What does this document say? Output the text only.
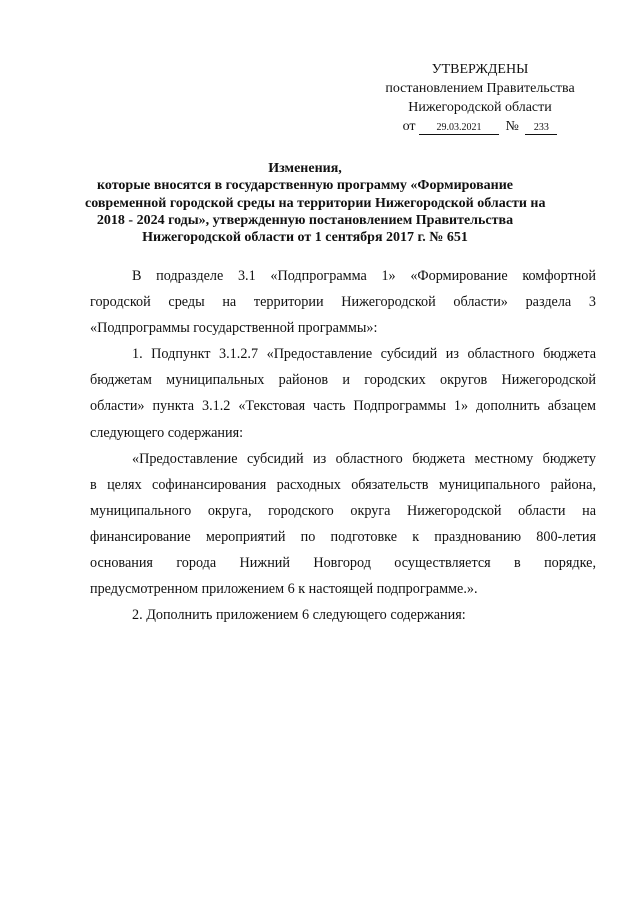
УТВЕРЖДЕНЫ
постановлением Правительства
Нижегородской области
от 29.03.2021 № 233
Изменения,
которые вносятся в государственную программу «Формирование
современной городской среды на территории Нижегородской области на
2018 - 2024 годы», утвержденную постановлением Правительства
Нижегородской области от 1 сентября 2017 г. № 651
В подразделе 3.1 «Подпрограмма 1» «Формирование комфортной
городской среды на территории Нижегородской области» раздела 3
«Подпрограммы государственной программы»:
1. Подпункт 3.1.2.7 «Предоставление субсидий из областного бюджета
бюджетам муниципальных районов и городских округов Нижегородской
области» пункта 3.1.2 «Текстовая часть Подпрограммы 1» дополнить абзацем
следующего содержания:
«Предоставление субсидий из областного бюджета местному бюджету
в целях софинансирования расходных обязательств муниципального района,
муниципального округа, городского округа Нижегородской области на
финансирование мероприятий по подготовке к празднованию 800-летия
основания города Нижний Новгород осуществляется в порядке,
предусмотренном приложением 6 к настоящей подпрограмме.».
2. Дополнить приложением 6 следующего содержания:
